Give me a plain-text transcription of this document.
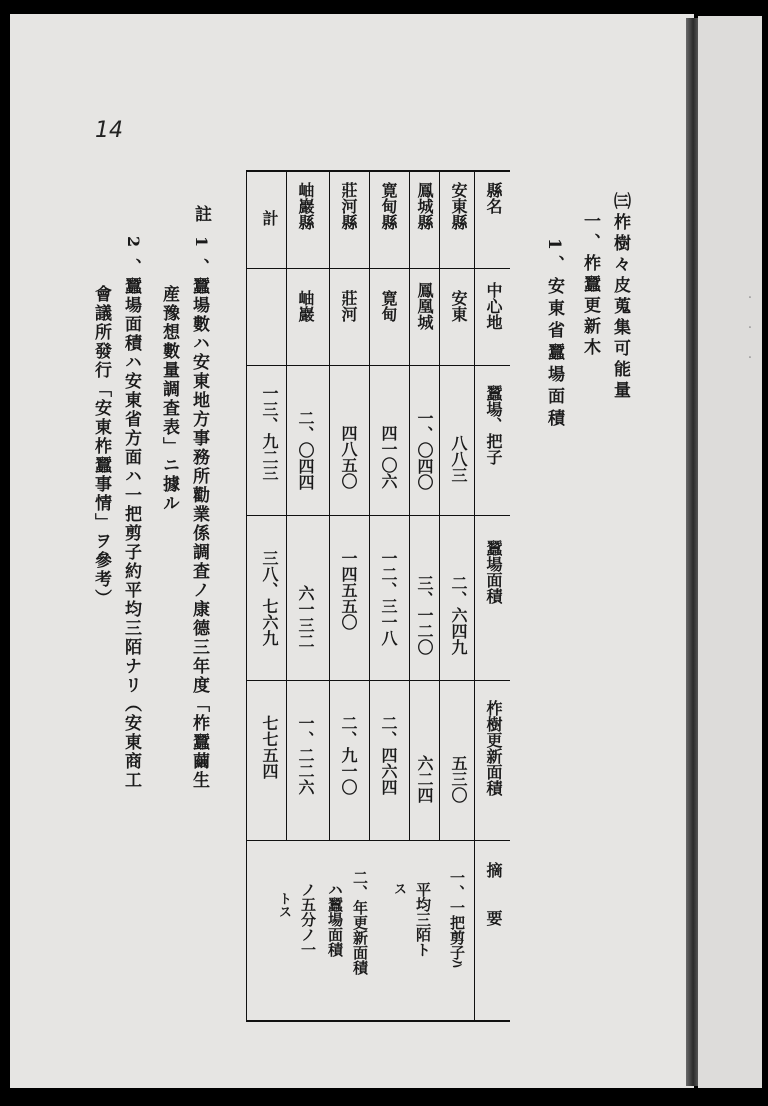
·
·
·
14
㈢柞樹々皮蒐集可能量
一、柞蠶更新木
1、安東省蠶場面積
縣名
中心地
蠶場、把子
蠶場面積
柞樹更新面積
摘　　要
安東縣
安東
八八三
二、六四九
五三〇
鳳城縣
鳳凰城
一、〇四〇
三、一二〇
六二四
寛甸縣
寛甸
四一〇六
一二、三一八
二、四六四
莊河縣
莊河
四八五〇
一四五五〇
二、九一〇
岫巖縣
岫巖
二、〇四四
六一三二
一、二二六
計
一三、九二三
三八、七六九
七七五四
一、一把剪子ﾊ
平均三陌ト
ス
二、年更新面積
ハ蠶場面積
ノ五分ノ一
トス
註
1
、蠶場數ハ安東地方事務所勸業係調査ノ康德三年度「柞蠶繭生
産豫想數量調査表」ニ據ル
2
、蠶場面積ハ安東省方面ハ一把剪子約平均三陌ナリ（安東商工
會議所發行「安東柞蠶事情」ヲ參考）
